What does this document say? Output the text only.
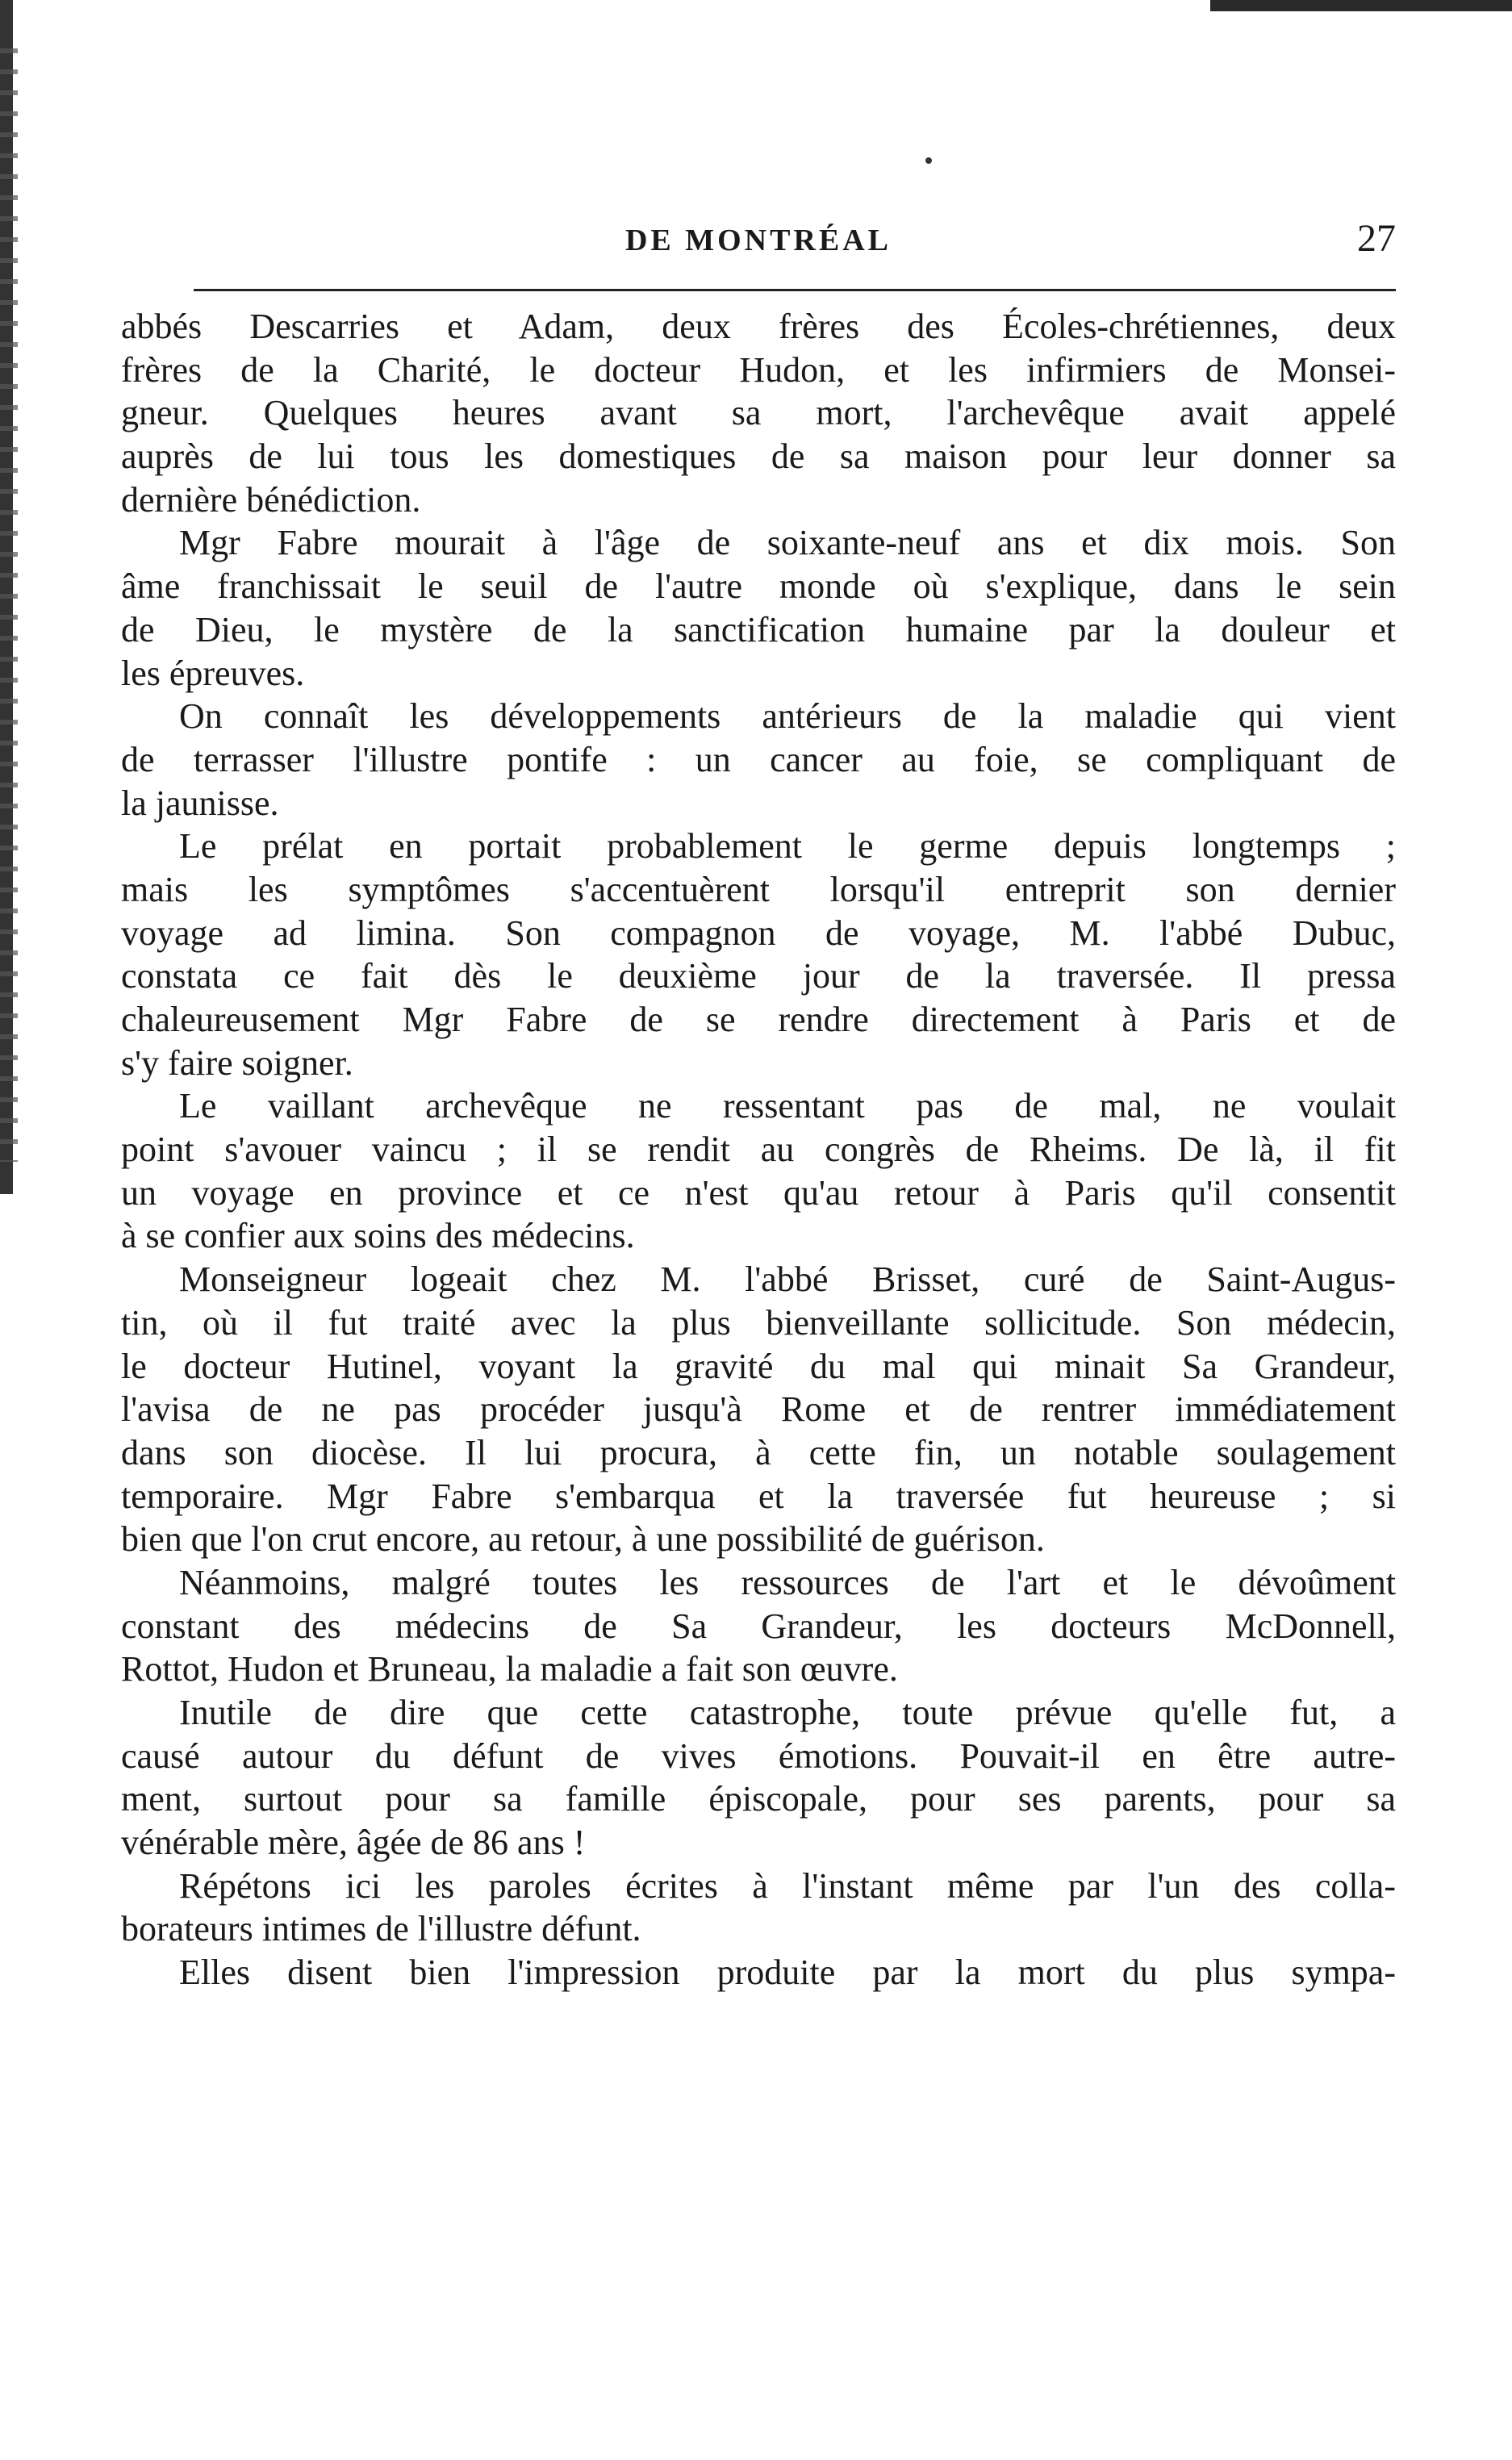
DE MONTRÉAL	27
abbés Descarries et Adam, deux frères des Écoles-chrétiennes, deux
frères de la Charité, le docteur Hudon, et les infirmiers de Monsei-
gneur. Quelques heures avant sa mort, l'archevêque avait appelé
auprès de lui tous les domestiques de sa maison pour leur donner sa
dernière bénédiction.
Mgr Fabre mourait à l'âge de soixante-neuf ans et dix mois. Son
âme franchissait le seuil de l'autre monde où s'explique, dans le sein
de Dieu, le mystère de la sanctification humaine par la douleur et
les épreuves.
On connaît les développements antérieurs de la maladie qui vient
de terrasser l'illustre pontife : un cancer au foie, se compliquant de
la jaunisse.
Le prélat en portait probablement le germe depuis longtemps ;
mais les symptômes s'accentuèrent lorsqu'il entreprit son dernier
voyage ad limina. Son compagnon de voyage, M. l'abbé Dubuc,
constata ce fait dès le deuxième jour de la traversée. Il pressa
chaleureusement Mgr Fabre de se rendre directement à Paris et de
s'y faire soigner.
Le vaillant archevêque ne ressentant pas de mal, ne voulait
point s'avouer vaincu ; il se rendit au congrès de Rheims. De là, il fit
un voyage en province et ce n'est qu'au retour à Paris qu'il consentit
à se confier aux soins des médecins.
Monseigneur logeait chez M. l'abbé Brisset, curé de Saint-Augus-
tin, où il fut traité avec la plus bienveillante sollicitude. Son médecin,
le docteur Hutinel, voyant la gravité du mal qui minait Sa Grandeur,
l'avisa de ne pas procéder jusqu'à Rome et de rentrer immédiatement
dans son diocèse. Il lui procura, à cette fin, un notable soulagement
temporaire. Mgr Fabre s'embarqua et la traversée fut heureuse ; si
bien que l'on crut encore, au retour, à une possibilité de guérison.
Néanmoins, malgré toutes les ressources de l'art et le dévoûment
constant des médecins de Sa Grandeur, les docteurs McDonnell,
Rottot, Hudon et Bruneau, la maladie a fait son œuvre.
Inutile de dire que cette catastrophe, toute prévue qu'elle fut, a
causé autour du défunt de vives émotions. Pouvait-il en être autre-
ment, surtout pour sa famille épiscopale, pour ses parents, pour sa
vénérable mère, âgée de 86 ans !
Répétons ici les paroles écrites à l'instant même par l'un des colla-
borateurs intimes de l'illustre défunt.
Elles disent bien l'impression produite par la mort du plus sympa-
